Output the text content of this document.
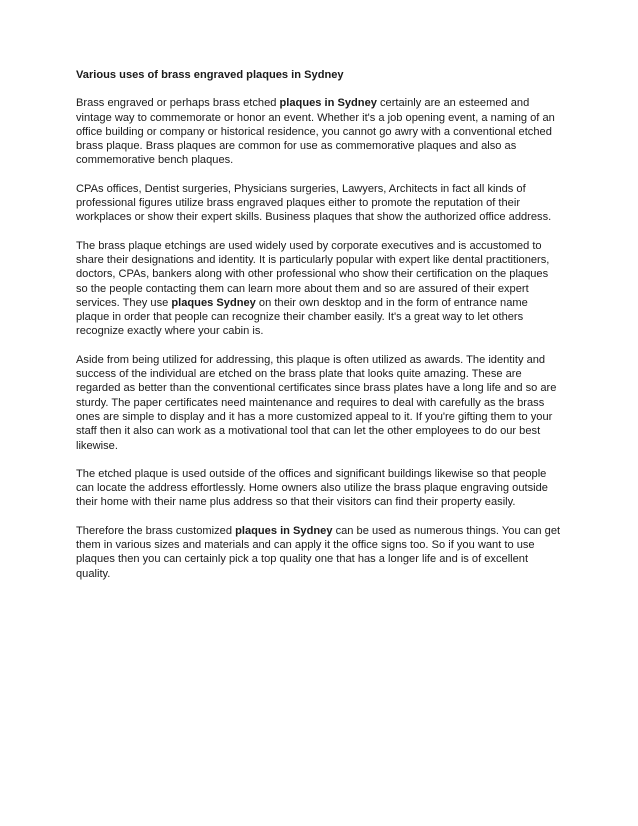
Various uses of brass engraved plaques in Sydney

Brass engraved or perhaps brass etched plaques in Sydney certainly are an esteemed and vintage way to commemorate or honor an event. Whether it's a job opening event, a naming of an office building or company or historical residence, you cannot go awry with a conventional etched brass plaque. Brass plaques are common for use as commemorative plaques and also as commemorative bench plaques.

CPAs offices, Dentist surgeries, Physicians surgeries, Lawyers, Architects in fact all kinds of professional figures utilize brass engraved plaques either to promote the reputation of their workplaces or show their expert skills. Business plaques that show the authorized office address.

The brass plaque etchings are used widely used by corporate executives and is accustomed to share their designations and identity. It is particularly popular with expert like dental practitioners, doctors, CPAs, bankers along with other professional who show their certification on the plaques so the people contacting them can learn more about them and so are assured of their expert services. They use plaques Sydney on their own desktop and in the form of entrance name plaque in order that people can recognize their chamber easily. It's a great way to let others recognize exactly where your cabin is.

Aside from being utilized for addressing, this plaque is often utilized as awards. The identity and success of the individual are etched on the brass plate that looks quite amazing. These are regarded as better than the conventional certificates since brass plates have a long life and so are sturdy. The paper certificates need maintenance and requires to deal with carefully as the brass ones are simple to display and it has a more customized appeal to it. If you're gifting them to your staff then it also can work as a motivational tool that can let the other employees to do our best likewise.

The etched plaque is used outside of the offices and significant buildings likewise so that people can locate the address effortlessly. Home owners also utilize the brass plaque engraving outside their home with their name plus address so that their visitors can find their property easily.

Therefore the brass customized plaques in Sydney can be used as numerous things. You can get them in various sizes and materials and can apply it the office signs too. So if you want to use plaques then you can certainly pick a top quality one that has a longer life and is of excellent quality.
